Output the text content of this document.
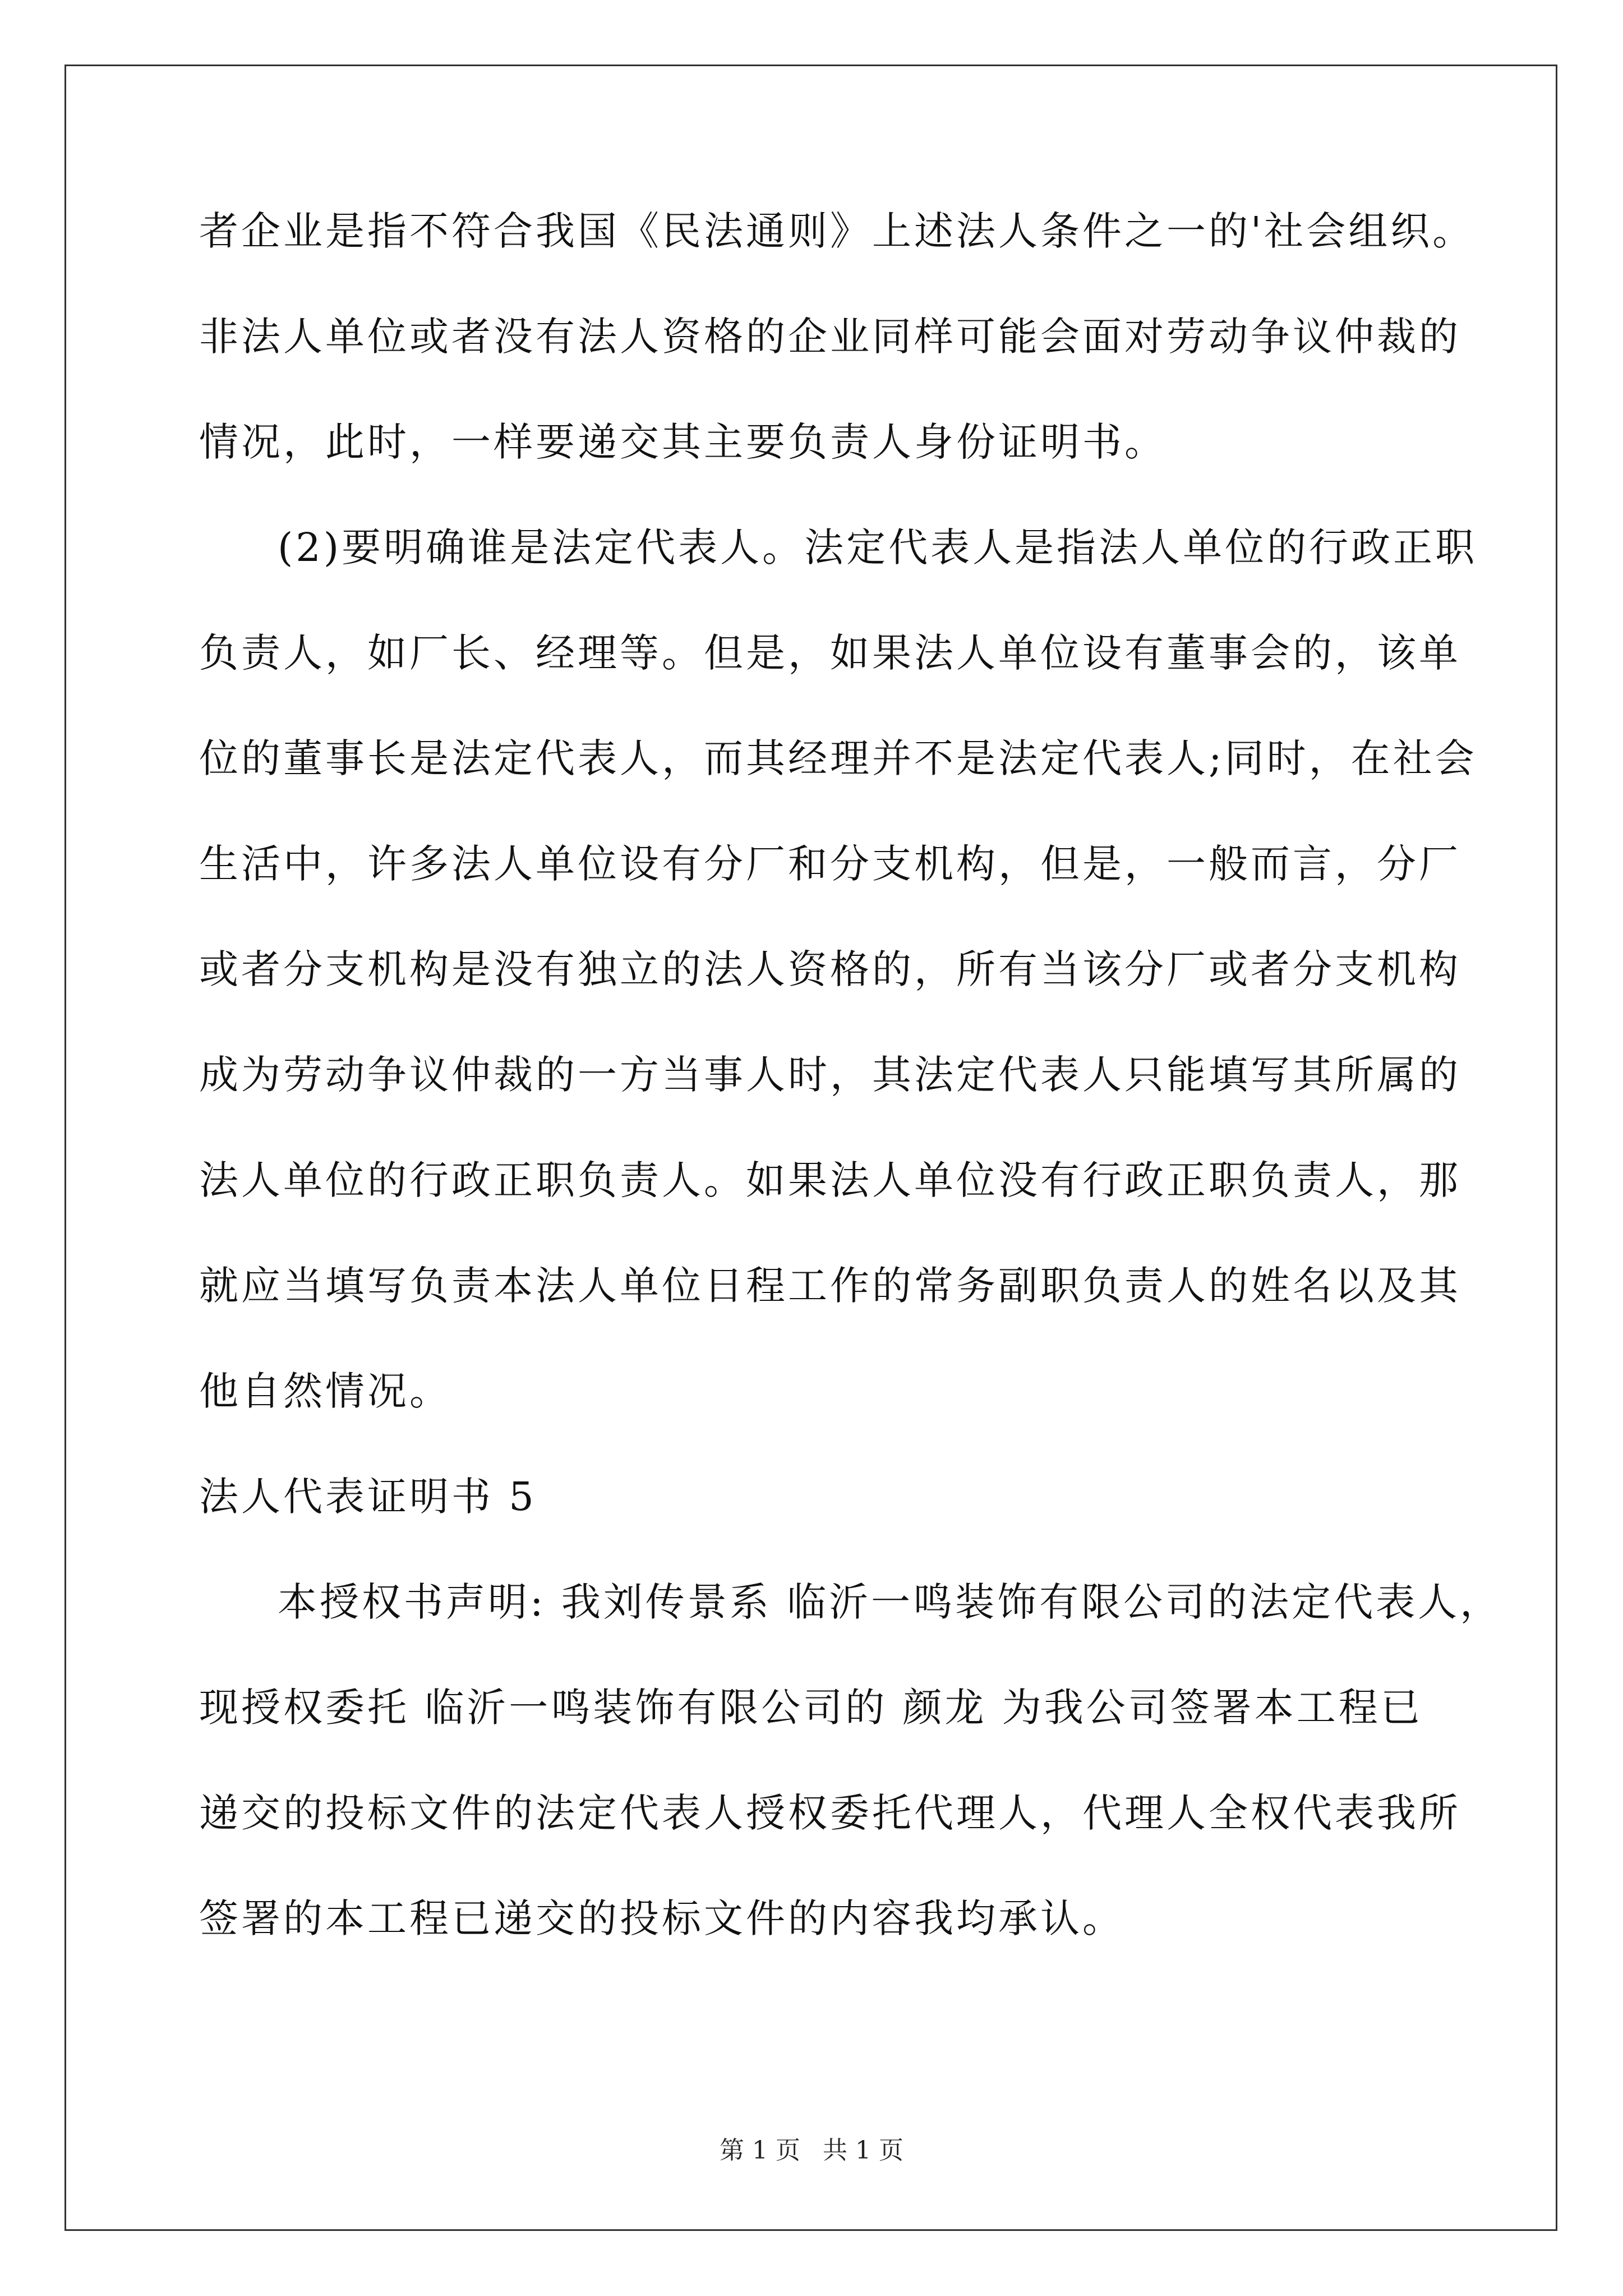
者企业是指不符合我国《民法通则》上述法人条件之一的'社会组织。
非法人单位或者没有法人资格的企业同样可能会面对劳动争议仲裁的
情况，此时，一样要递交其主要负责人身份证明书。
(2)要明确谁是法定代表人。法定代表人是指法人单位的行政正职
负责人，如厂长、经理等。但是，如果法人单位设有董事会的，该单
位的董事长是法定代表人，而其经理并不是法定代表人;同时，在社会
生活中，许多法人单位设有分厂和分支机构，但是，一般而言，分厂
或者分支机构是没有独立的法人资格的，所有当该分厂或者分支机构
成为劳动争议仲裁的一方当事人时，其法定代表人只能填写其所属的
法人单位的行政正职负责人。如果法人单位没有行政正职负责人，那
就应当填写负责本法人单位日程工作的常务副职负责人的姓名以及其
他自然情况。
法人代表证明书 5
本授权书声明: 我刘传景系 临沂一鸣装饰有限公司的法定代表人，
现授权委托 临沂一鸣装饰有限公司的 颜龙 为我公司签署本工程已
递交的投标文件的法定代表人授权委托代理人，代理人全权代表我所
签署的本工程已递交的投标文件的内容我均承认。
第 1 页 共 1 页
